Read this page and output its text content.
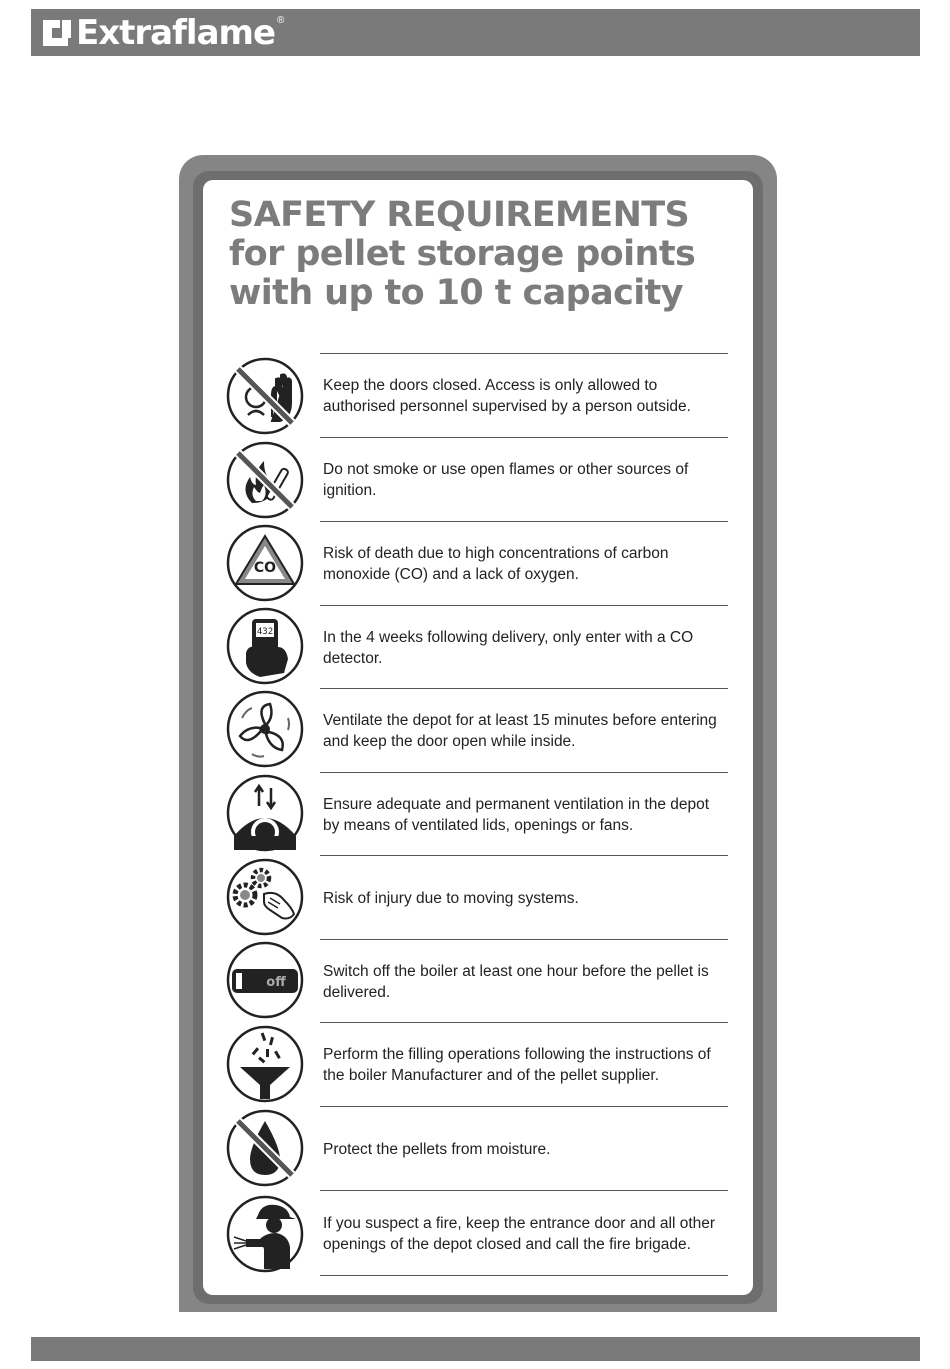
Extraflame ®
SAFETY REQUIREMENTS
for pellet storage points
with up to 10 t capacity
Keep the doors closed. Access is only allowed to authorised personnel supervised by a person outside.
Do not smoke or use open flames or other sources of ignition.
CO
Risk of death due to high concentrations of carbon monoxide (CO) and a lack of oxygen.
432	In the 4 weeks following delivery, only enter with a CO detector.
Ventilate the depot for at least 15 minutes before entering and keep the door open while inside.
Ensure adequate and permanent ventilation in the depot by means of ventilated lids, openings or fans.
Risk of injury due to moving systems.
off
Switch off the boiler at least one hour before the pellet is delivered.
Perform the filling operations following the instructions of the boiler Manufacturer and of the pellet supplier.
Protect the pellets from moisture.
If you suspect a fire, keep the entrance door and all other openings of the depot closed and call the fire brigade.
